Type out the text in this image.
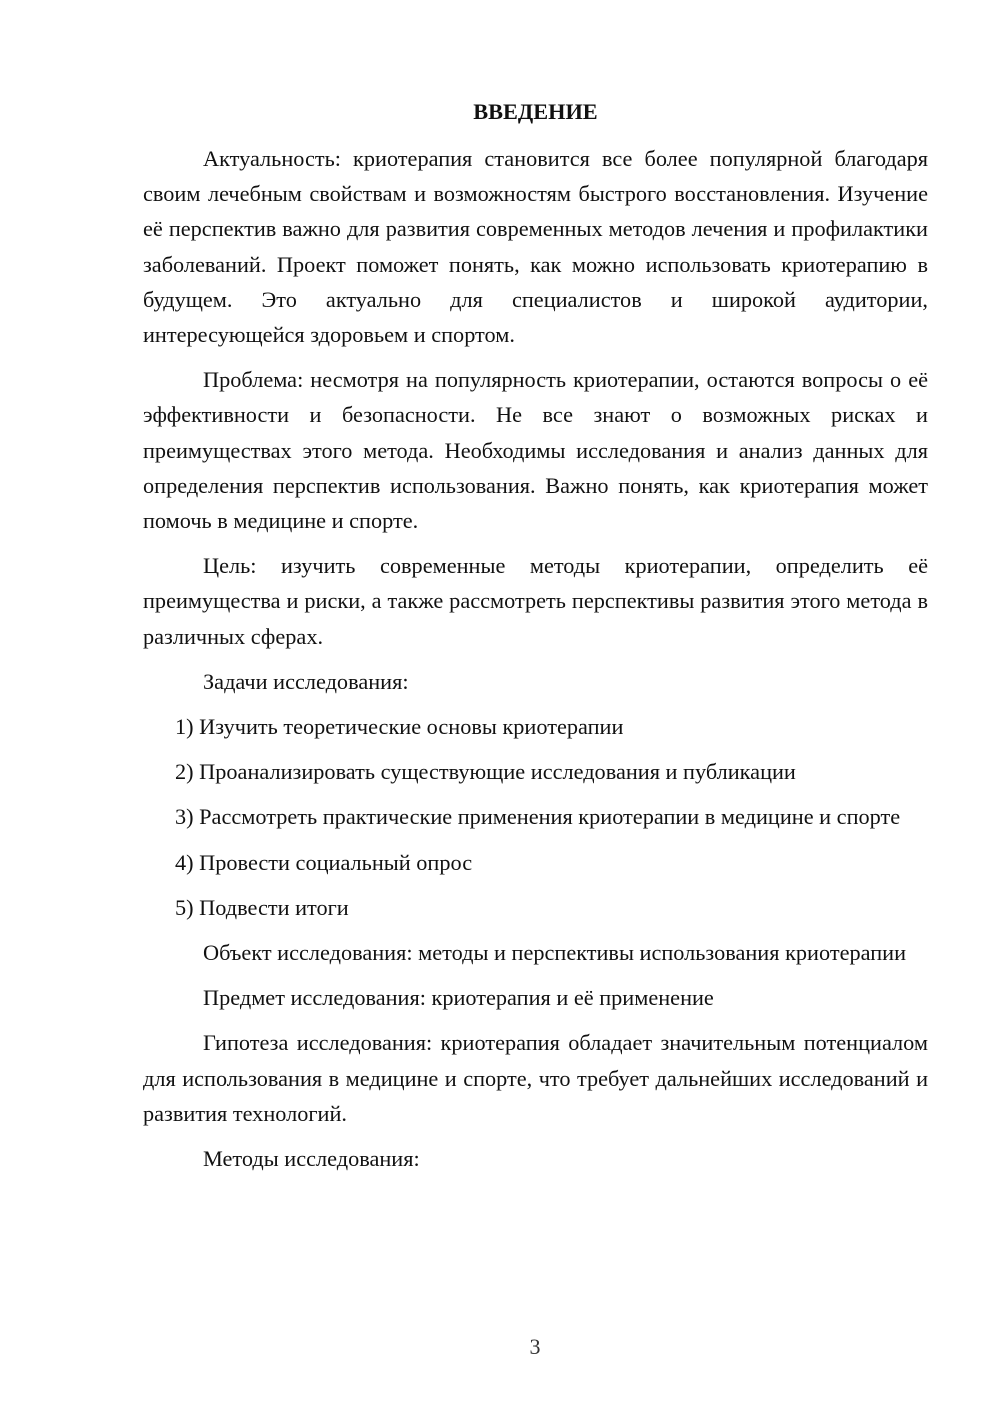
ВВЕДЕНИЕ

Актуальность: криотерапия становится все более популярной благодаря своим лечебным свойствам и возможностям быстрого восстановления. Изучение её перспектив важно для развития современных методов лечения и профилактики заболеваний. Проект поможет понять, как можно использовать криотерапию в будущем. Это актуально для специалистов и широкой аудитории, интересующейся здоровьем и спортом.

Проблема: несмотря на популярность криотерапии, остаются вопросы о её эффективности и безопасности. Не все знают о возможных рисках и преимуществах этого метода. Необходимы исследования и анализ данных для определения перспектив использования. Важно понять, как криотерапия может помочь в медицине и спорте.

Цель: изучить современные методы криотерапии, определить её преимущества и риски, а также рассмотреть перспективы развития этого метода в различных сферах.

Задачи исследования:

1) Изучить теоретические основы криотерапии

2) Проанализировать существующие исследования и публикации

3) Рассмотреть практические применения криотерапии в медицине и спорте

4) Провести социальный опрос

5) Подвести итоги

Объект исследования: методы и перспективы использования криотерапии

Предмет исследования: криотерапия и её применение

Гипотеза исследования: криотерапия обладает значительным потенциалом для использования в медицине и спорте, что требует дальнейших исследований и развития технологий.

Методы исследования:

3
